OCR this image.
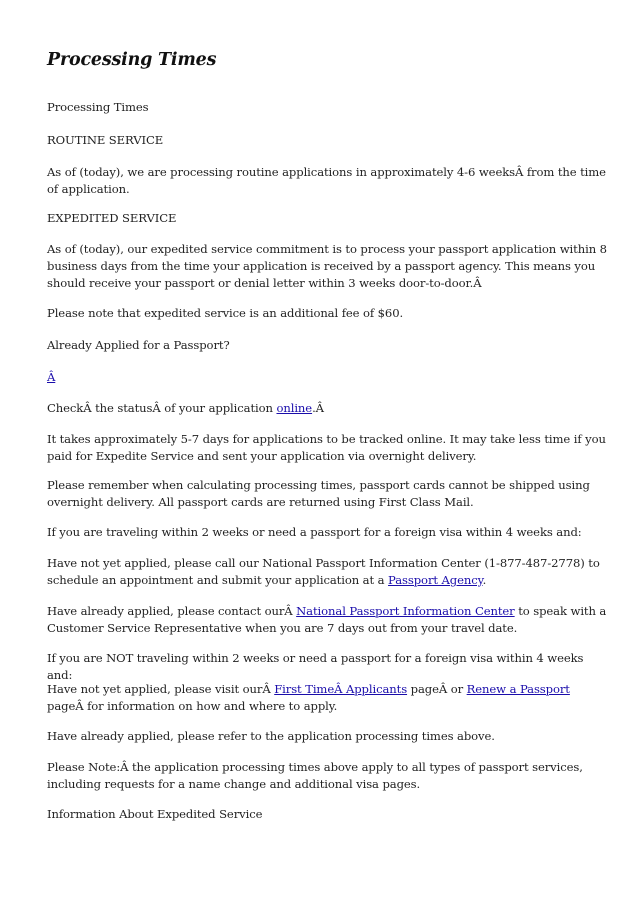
Processing Times

Processing Times

ROUTINE SERVICE

As of (today), we are processing routine applications in approximately 4-6 weeksÂ from the time of application.

EXPEDITED SERVICE

As of (today), our expedited service commitment is to process your passport application within 8 business days from the time your application is received by a passport agency. This means you should receive your passport or denial letter within 3 weeks door-to-door.Â

Please note that expedited service is an additional fee of $60.

Already Applied for a Passport?

Â

CheckÂ the statusÂ of your application online.Â

It takes approximately 5-7 days for applications to be tracked online. It may take less time if you paid for Expedite Service and sent your application via overnight delivery.

Please remember when calculating processing times, passport cards cannot be shipped using overnight delivery. All passport cards are returned using First Class Mail.

If you are traveling within 2 weeks or need a passport for a foreign visa within 4 weeks and:

Have not yet applied, please call our National Passport Information Center (1-877-487-2778) to schedule an appointment and submit your application at a Passport Agency.

Have already applied, please contact ourÂ National Passport Information Center to speak with a Customer Service Representative when you are 7 days out from your travel date.

If you are NOT traveling within 2 weeks or need a passport for a foreign visa within 4 weeks and:

Have not yet applied, please visit ourÂ First TimeÂ Applicants pageÂ or Renew a Passport pageÂ for information on how and where to apply.

Have already applied, please refer to the application processing times above.

Please Note:Â the application processing times above apply to all types of passport services, including requests for a name change and additional visa pages.

Information About Expedited Service
